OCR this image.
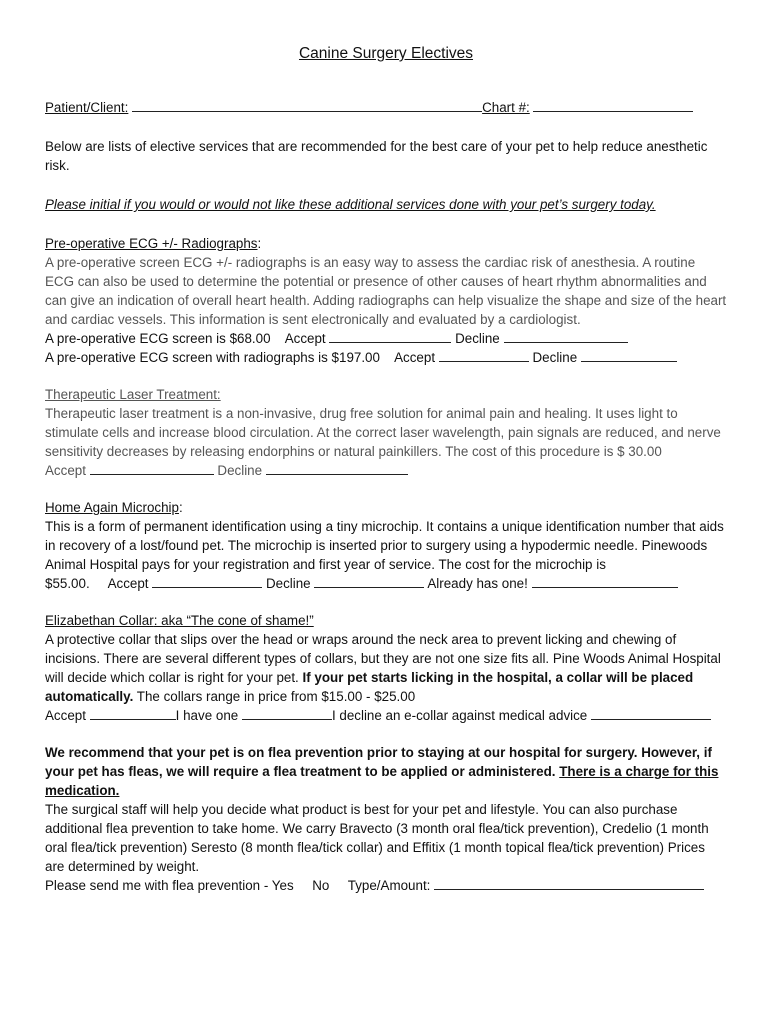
Canine Surgery Electives
Patient/Client:	Chart #:

Below are lists of elective services that are recommended for the best care of your pet to help reduce anesthetic risk.

Please initial if you would or would not like these additional services done with your pet’s surgery today.

Pre-operative ECG +/- Radiographs:

A pre-operative screen ECG +/- radiographs is an easy way to assess the cardiac risk of anesthesia. A routine ECG can also be used to determine the potential or presence of other causes of heart rhythm abnormalities and can give an indication of overall heart health. Adding radiographs can help visualize the shape and size of the heart and cardiac vessels. This information is sent electronically and evaluated by a cardiologist.

A pre-operative ECG screen is $68.00 Accept	Decline

A pre-operative ECG screen with radiographs is $197.00 Accept	Decline

Therapeutic Laser Treatment:

Therapeutic laser treatment is a non-invasive, drug free solution for animal pain and healing. It uses light to stimulate cells and increase blood circulation. At the correct laser wavelength, pain signals are reduced, and nerve sensitivity decreases by releasing endorphins or natural painkillers. The cost of this procedure is $ 30.00

Accept	Decline

Home Again Microchip:

This is a form of permanent identification using a tiny microchip. It contains a unique identification number that aids in recovery of a lost/found pet. The microchip is inserted prior to surgery using a hypodermic needle. Pinewoods Animal Hospital pays for your registration and first year of service. The cost for the microchip is

$55.00. Accept	Decline	Already has one!

Elizabethan Collar: aka “The cone of shame!”

A protective collar that slips over the head or wraps around the neck area to prevent licking and chewing of incisions. There are several different types of collars, but they are not one size fits all. Pine Woods Animal Hospital will decide which collar is right for your pet. If your pet starts licking in the hospital, a collar will be placed automatically. The collars range in price from $15.00 - $25.00

Accept	I have one	I decline an e-collar against medical advice

We recommend that your pet is on flea prevention prior to staying at our hospital for surgery. However, if your pet has fleas, we will require a flea treatment to be applied or administered. There is a charge for this medication.

The surgical staff will help you decide what product is best for your pet and lifestyle. You can also purchase additional flea prevention to take home. We carry Bravecto (3 month oral flea/tick prevention), Credelio (1 month oral flea/tick prevention) Seresto (8 month flea/tick collar) and Effitix (1 month topical flea/tick prevention) Prices are determined by weight.

Please send me with flea prevention - Yes No Type/Amount:
